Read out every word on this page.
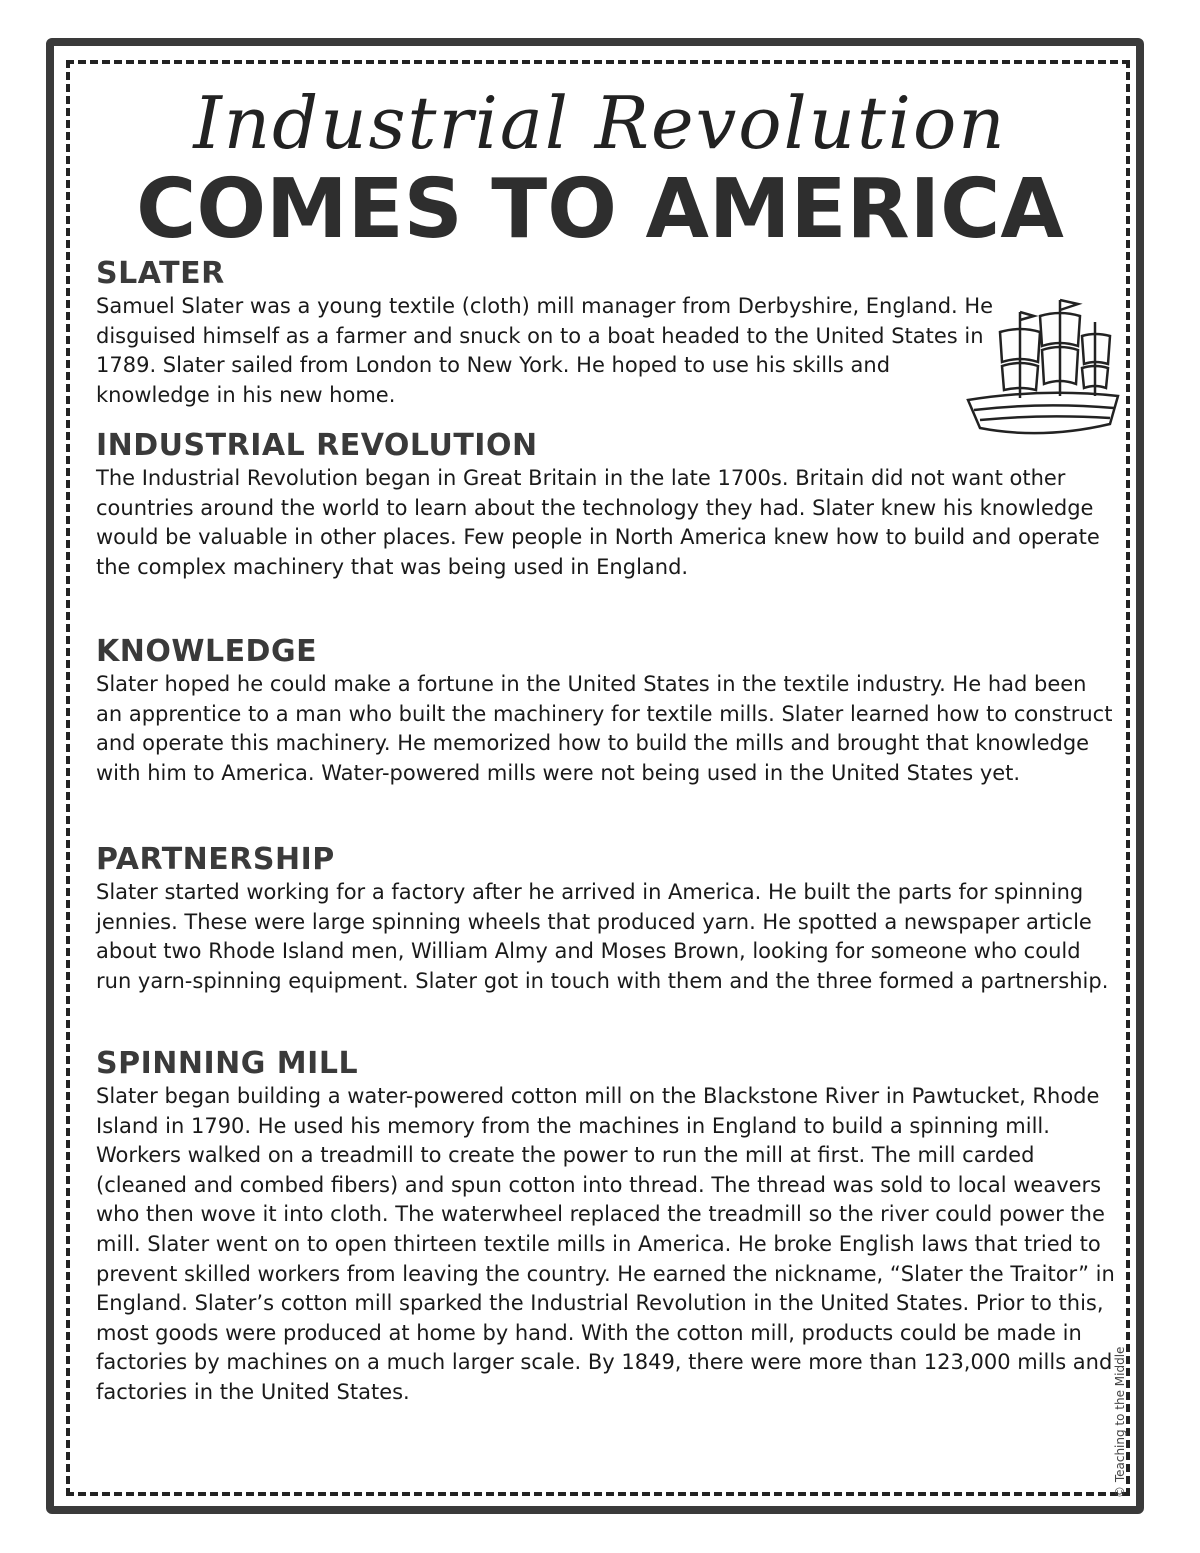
Industrial Revolution
COMES TO AMERICA
SLATER

Samuel Slater was a young textile (cloth) mill manager from Derbyshire, England. He disguised himself as a farmer and snuck on to a boat headed to the United States in 1789. Slater sailed from London to New York. He hoped to use his skills and knowledge in his new home.

INDUSTRIAL REVOLUTION

The Industrial Revolution began in Great Britain in the late 1700s. Britain did not want other countries around the world to learn about the technology they had. Slater knew his knowledge would be valuable in other places. Few people in North America knew how to build and operate the complex machinery that was being used in England.

KNOWLEDGE

Slater hoped he could make a fortune in the United States in the textile industry. He had been an apprentice to a man who built the machinery for textile mills. Slater learned how to construct and operate this machinery. He memorized how to build the mills and brought that knowledge with him to America. Water-powered mills were not being used in the United States yet.

PARTNERSHIP

Slater started working for a factory after he arrived in America. He built the parts for spinning jennies. These were large spinning wheels that produced yarn. He spotted a newspaper article about two Rhode Island men, William Almy and Moses Brown, looking for someone who could run yarn-spinning equipment. Slater got in touch with them and the three formed a partnership.

SPINNING MILL

Slater began building a water-powered cotton mill on the Blackstone River in Pawtucket, Rhode Island in 1790. He used his memory from the machines in England to build a spinning mill. Workers walked on a treadmill to create the power to run the mill at first. The mill carded (cleaned and combed fibers) and spun cotton into thread. The thread was sold to local weavers who then wove it into cloth. The waterwheel replaced the treadmill so the river could power the mill. Slater went on to open thirteen textile mills in America. He broke English laws that tried to prevent skilled workers from leaving the country. He earned the nickname, “Slater the Traitor” in England. Slater’s cotton mill sparked the Industrial Revolution in the United States. Prior to this, most goods were produced at home by hand. With the cotton mill, products could be made in factories by machines on a much larger scale. By 1849, there were more than 123,000 mills and factories in the United States.	© Teaching to the Middle
